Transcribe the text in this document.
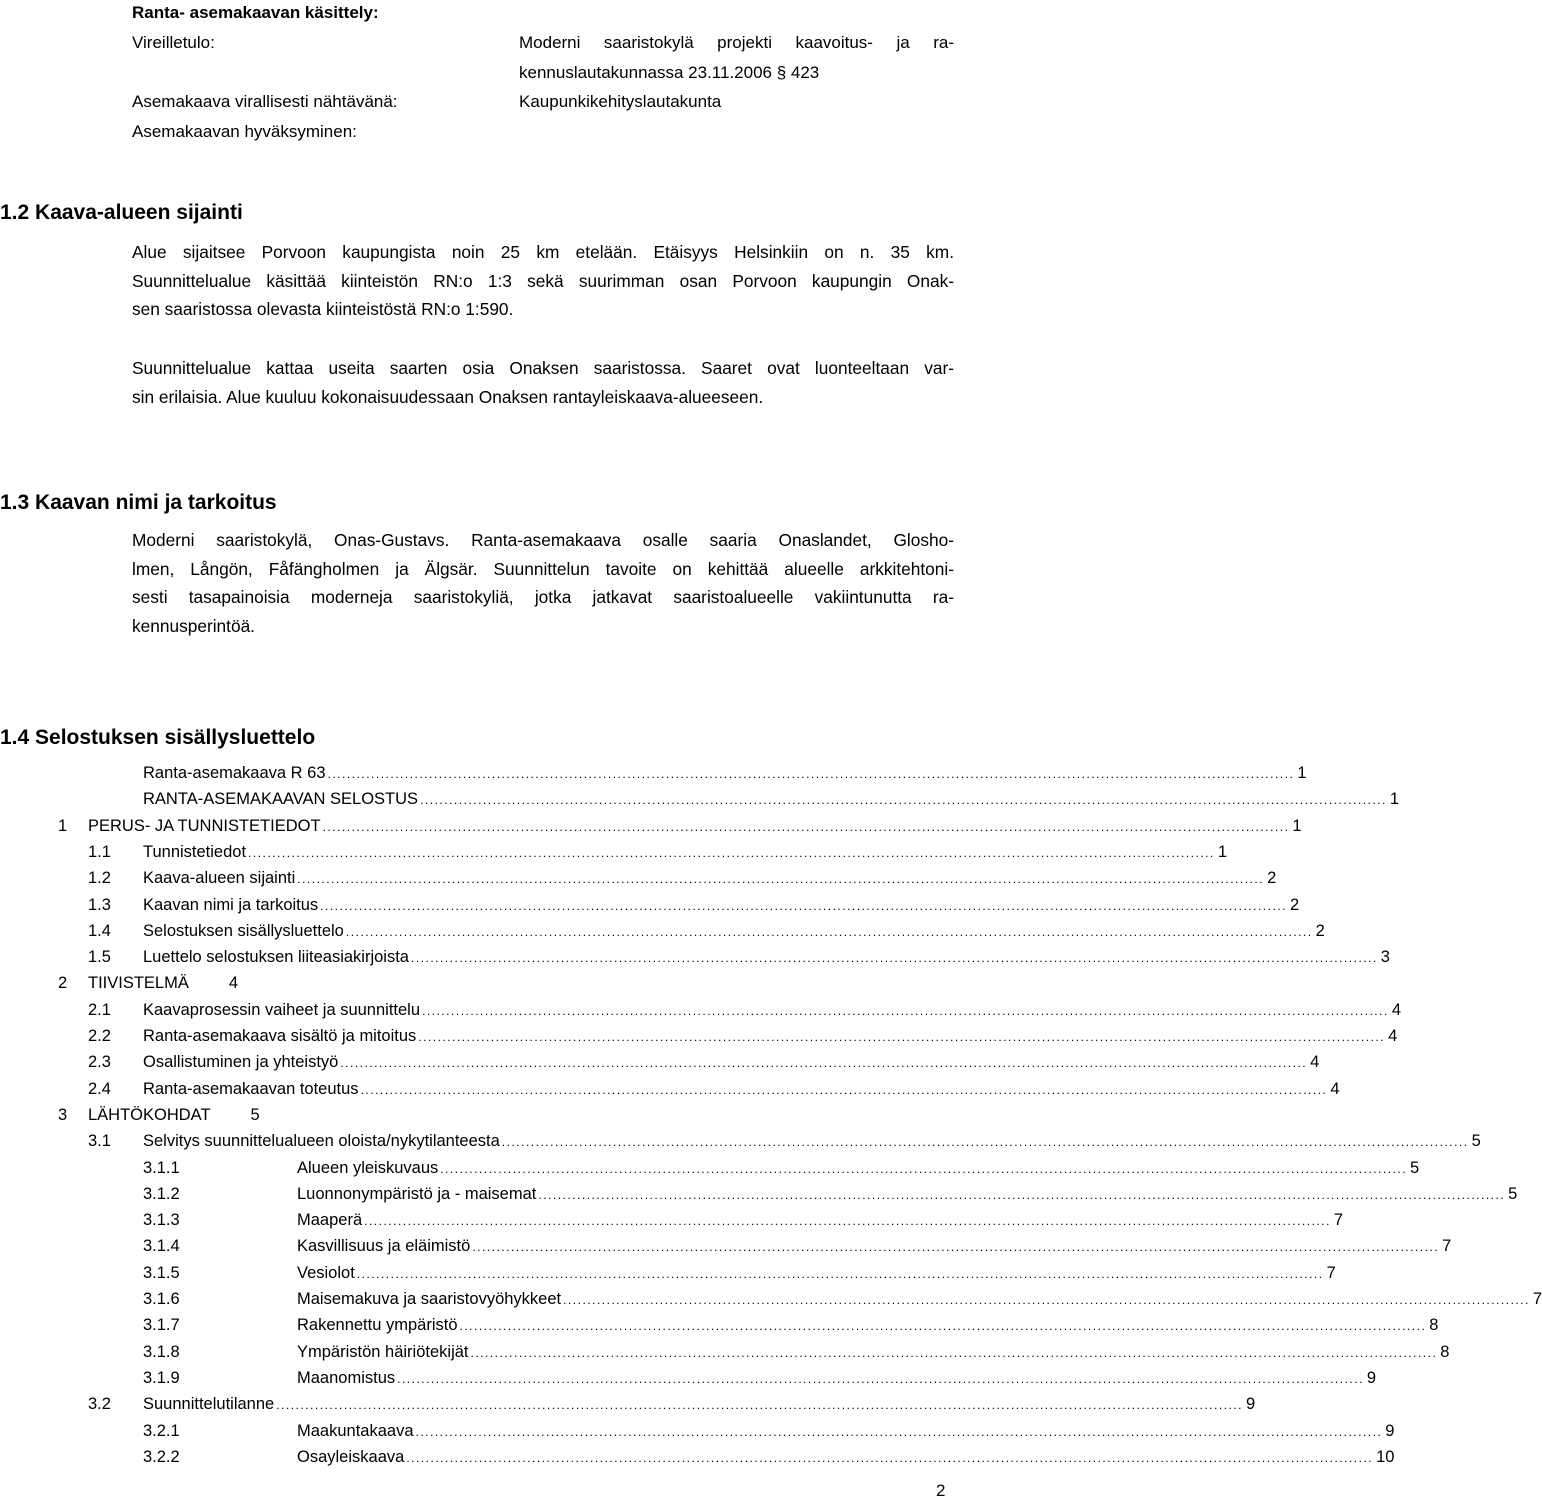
Ranta- asemakaavan käsittely:
Vireilletulo:	Moderni saaristokylä projekti kaavoitus- ja ra-
kennuslautakunnassa 23.11.2006 § 423
Asemakaava virallisesti nähtävänä:	Kaupunkikehityslautakunta
Asemakaavan hyväksyminen:
1.2 Kaava-alueen sijainti
Alue sijaitsee Porvoon kaupungista noin 25 km etelään. Etäisyys Helsinkiin on n. 35 km.
Suunnittelualue käsittää kiinteistön RN:o 1:3 sekä suurimman osan Porvoon kaupungin Onak-
sen saaristossa olevasta kiinteistöstä RN:o 1:590.
Suunnittelualue kattaa useita saarten osia Onaksen saaristossa. Saaret ovat luonteeltaan var-
sin erilaisia. Alue kuuluu kokonaisuudessaan Onaksen rantayleiskaava-alueeseen.
1.3 Kaavan nimi ja tarkoitus
Moderni saaristokylä, Onas-Gustavs. Ranta-asemakaava osalle saaria Onaslandet, Glosho-
lmen, Långön, Fåfängholmen ja Älgsär. Suunnittelun tavoite on kehittää alueelle arkkitehtoni-
sesti tasapainoisia moderneja saaristokyliä, jotka jatkavat saaristoalueelle vakiintunutta ra-
kennusperintöä.
1.4 Selostuksen sisällysluettelo
Ranta-asemakaava R 63 ........................................................................................................................................................................................................ 1
RANTA-ASEMAKAAVAN SELOSTUS ........................................................................................................................................................................................................ 1
1 PERUS- JA TUNNISTETIEDOT ........................................................................................................................................................................................................ 1
1.1 Tunnistetiedot ........................................................................................................................................................................................................ 1
1.2 Kaava-alueen sijainti ........................................................................................................................................................................................................ 2
1.3 Kaavan nimi ja tarkoitus ........................................................................................................................................................................................................ 2
1.4 Selostuksen sisällysluettelo ........................................................................................................................................................................................................ 2
1.5 Luettelo selostuksen liiteasiakirjoista ........................................................................................................................................................................................................ 3
2 TIIVISTELMÄ	4
2.1 Kaavaprosessin vaiheet ja suunnittelu ........................................................................................................................................................................................................ 4
2.2 Ranta-asemakaava sisältö ja mitoitus ........................................................................................................................................................................................................ 4
2.3 Osallistuminen ja yhteistyö ........................................................................................................................................................................................................ 4
2.4 Ranta-asemakaavan toteutus ........................................................................................................................................................................................................ 4
3 LÄHTÖKOHDAT	5
3.1 Selvitys suunnittelualueen oloista/nykytilanteesta ........................................................................................................................................................................................................ 5
3.1.1	Alueen yleiskuvaus ........................................................................................................................................................................................................ 5
3.1.2	Luonnonympäristö ja - maisemat ........................................................................................................................................................................................................ 5
3.1.3	Maaperä ........................................................................................................................................................................................................ 7
3.1.4	Kasvillisuus ja eläimistö ........................................................................................................................................................................................................ 7
3.1.5	Vesiolot ........................................................................................................................................................................................................ 7
3.1.6	Maisemakuva ja saaristovyöhykkeet ........................................................................................................................................................................................................ 7
3.1.7	Rakennettu ympäristö ........................................................................................................................................................................................................ 8
3.1.8	Ympäristön häiriötekijät ........................................................................................................................................................................................................ 8
3.1.9	Maanomistus ........................................................................................................................................................................................................ 9
3.2 Suunnittelutilanne ........................................................................................................................................................................................................ 9
3.2.1	Maakuntakaava ........................................................................................................................................................................................................ 9
3.2.2	Osayleiskaava ........................................................................................................................................................................................................ 10
2
